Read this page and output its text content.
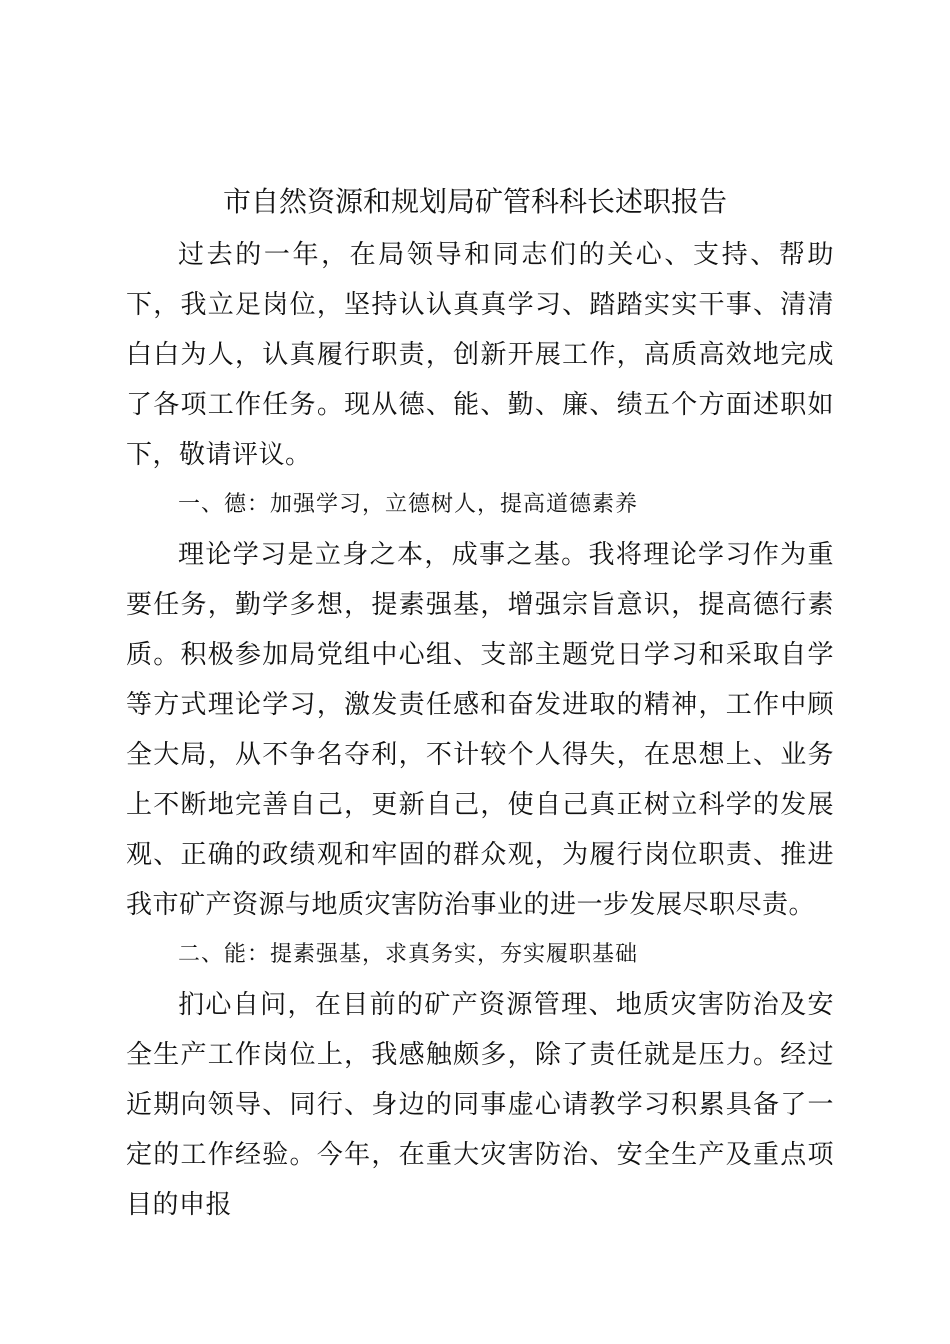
市自然资源和规划局矿管科科长述职报告

过去的一年，在局领导和同志们的关心、支持、帮助下，我立足岗位，坚持认认真真学习、踏踏实实干事、清清白白为人，认真履行职责，创新开展工作，高质高效地完成了各项工作任务。现从德、能、勤、廉、绩五个方面述职如下，敬请评议。

一、德：加强学习，立德树人，提高道德素养

理论学习是立身之本，成事之基。我将理论学习作为重要任务，勤学多想，提素强基，增强宗旨意识，提高德行素质。积极参加局党组中心组、支部主题党日学习和采取自学等方式理论学习，激发责任感和奋发进取的精神，工作中顾全大局，从不争名夺利，不计较个人得失，在思想上、业务上不断地完善自己，更新自己，使自己真正树立科学的发展观、正确的政绩观和牢固的群众观，为履行岗位职责、推进我市矿产资源与地质灾害防治事业的进一步发展尽职尽责。

二、能：提素强基，求真务实，夯实履职基础

扪心自问，在目前的矿产资源管理、地质灾害防治及安全生产工作岗位上，我感触颇多，除了责任就是压力。经过近期向领导、同行、身边的同事虚心请教学习积累具备了一定的工作经验。今年，在重大灾害防治、安全生产及重点项目的申报
